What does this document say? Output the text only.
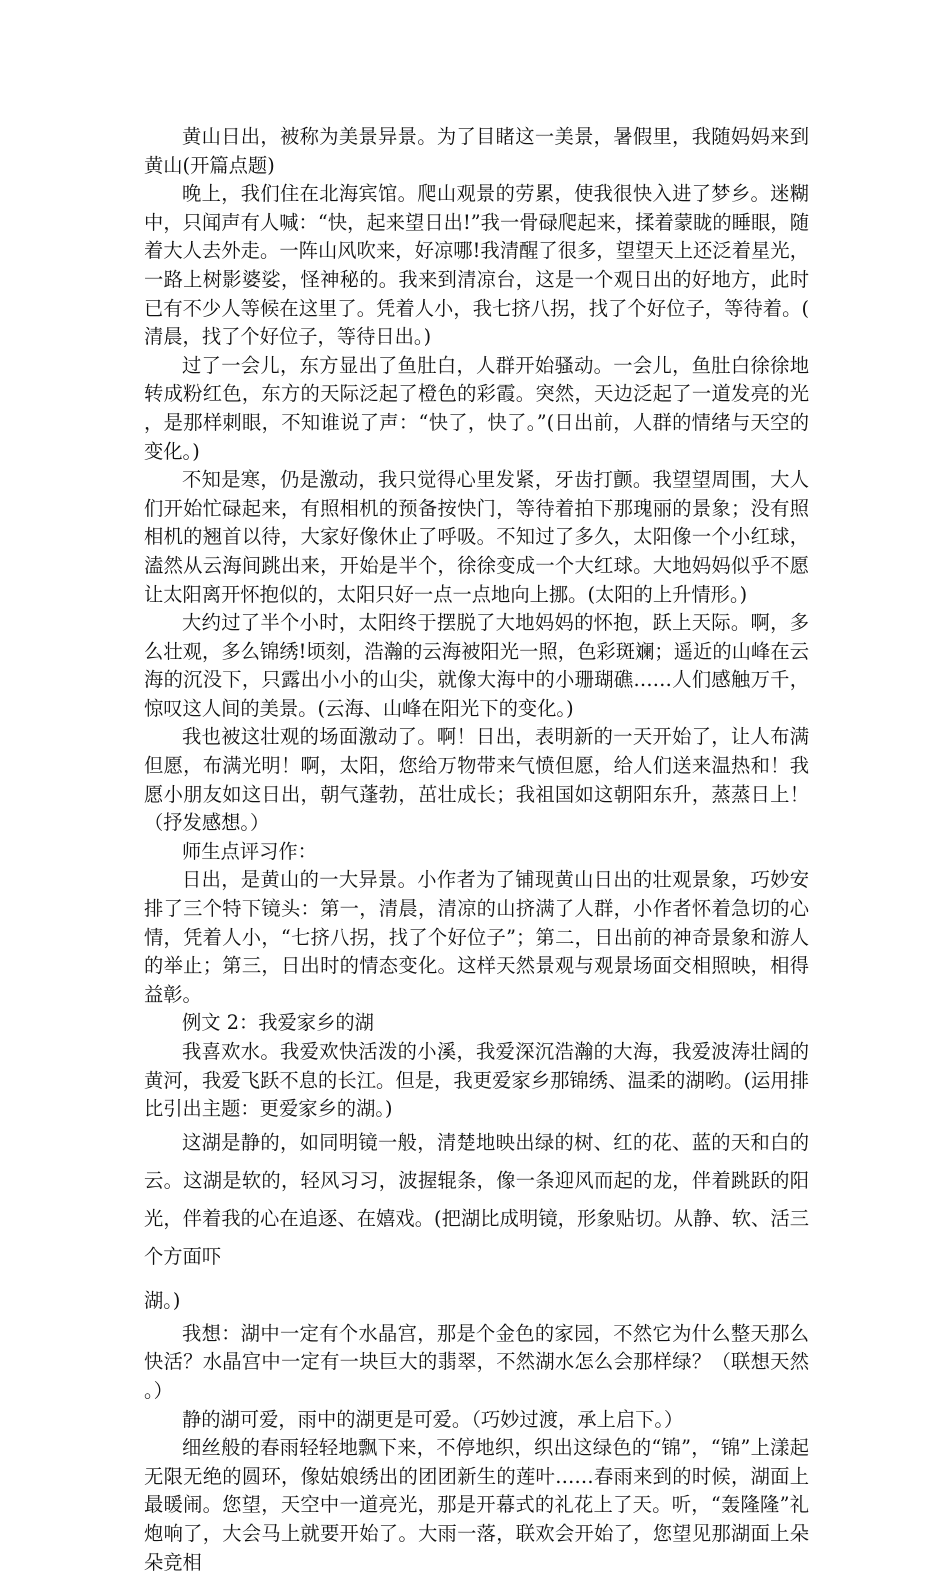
黄山日出，被称为美景异景。为了目睹这一美景，暑假里，我随妈妈来到黄山(开篇点题)

晚上，我们住在北海宾馆。爬山观景的劳累，使我很快入进了梦乡。迷糊中，只闻声有人喊：“快，起来望日出!”我一骨碌爬起来，揉着蒙眬的睡眼，随着大人去外走。一阵山风吹来，好凉哪!我清醒了很多，望望天上还泛着星光，一路上树影婆娑，怪神秘的。我来到清凉台，这是一个观日出的好地方，此时已有不少人等候在这里了。凭着人小，我七挤八拐，找了个好位子，等待着。(清晨，找了个好位子，等待日出。)

过了一会儿，东方显出了鱼肚白，人群开始骚动。一会儿，鱼肚白徐徐地转成粉红色，东方的天际泛起了橙色的彩霞。突然，天边泛起了一道发亮的光，是那样刺眼，不知谁说了声：“快了，快了。”(日出前，人群的情绪与天空的变化。)

不知是寒，仍是激动，我只觉得心里发紧，牙齿打颤。我望望周围，大人们开始忙碌起来，有照相机的预备按快门，等待着拍下那瑰丽的景象；没有照相机的翘首以待，大家好像休止了呼吸。不知过了多久，太阳像一个小红球，溘然从云海间跳出来，开始是半个，徐徐变成一个大红球。大地妈妈似乎不愿让太阳离开怀抱似的，太阳只好一点一点地向上挪。(太阳的上升情形。)

大约过了半个小时，太阳终于摆脱了大地妈妈的怀抱，跃上天际。啊，多么壮观，多么锦绣!顷刻，浩瀚的云海被阳光一照，色彩斑斓；遥近的山峰在云海的沉没下，只露出小小的山尖，就像大海中的小珊瑚礁……人们感触万千，惊叹这人间的美景。(云海、山峰在阳光下的变化。)

我也被这壮观的场面激动了。啊！日出，表明新的一天开始了，让人布满但愿，布满光明！啊，太阳，您给万物带来气愤但愿，给人们送来温热和！我愿小朋友如这日出，朝气蓬勃，茁壮成长；我祖国如这朝阳东升，蒸蒸日上！（抒发感想。）

师生点评习作：

日出，是黄山的一大异景。小作者为了铺现黄山日出的壮观景象，巧妙安排了三个特下镜头：第一，清晨，清凉的山挤满了人群，小作者怀着急切的心情，凭着人小，“七挤八拐，找了个好位子”；第二，日出前的神奇景象和游人的举止；第三，日出时的情态变化。这样天然景观与观景场面交相照映，相得益彰。

例文 2：我爱家乡的湖

我喜欢水。我爱欢快活泼的小溪，我爱深沉浩瀚的大海，我爱波涛壮阔的黄河，我爱飞跃不息的长江。但是，我更爱家乡那锦绣、温柔的湖哟。(运用排比引出主题：更爱家乡的湖。)

这湖是静的，如同明镜一般，清楚地映出绿的树、红的花、蓝的天和白的云。这湖是软的，轻风习习，波握辊条，像一条迎风而起的龙，伴着跳跃的阳光，伴着我的心在追逐、在嬉戏。(把湖比成明镜，形象贴切。从静、软、活三个方面吓
湖。)

我想：湖中一定有个水晶宫，那是个金色的家园，不然它为什么整天那么快活？水晶宫中一定有一块巨大的翡翠，不然湖水怎么会那样绿？（联想天然。）

静的湖可爱，雨中的湖更是可爱。（巧妙过渡，承上启下。）

细丝般的春雨轻轻地飘下来，不停地织，织出这绿色的“锦”，“锦”上漾起无限无绝的圆环，像姑娘绣出的团团新生的莲叶……春雨来到的时候，湖面上最暖闹。您望，天空中一道亮光，那是开幕式的礼花上了天。听，“轰隆隆”礼炮响了，大会马上就要开始了。大雨一落，联欢会开始了，您望见那湖面上朵朵竞相
